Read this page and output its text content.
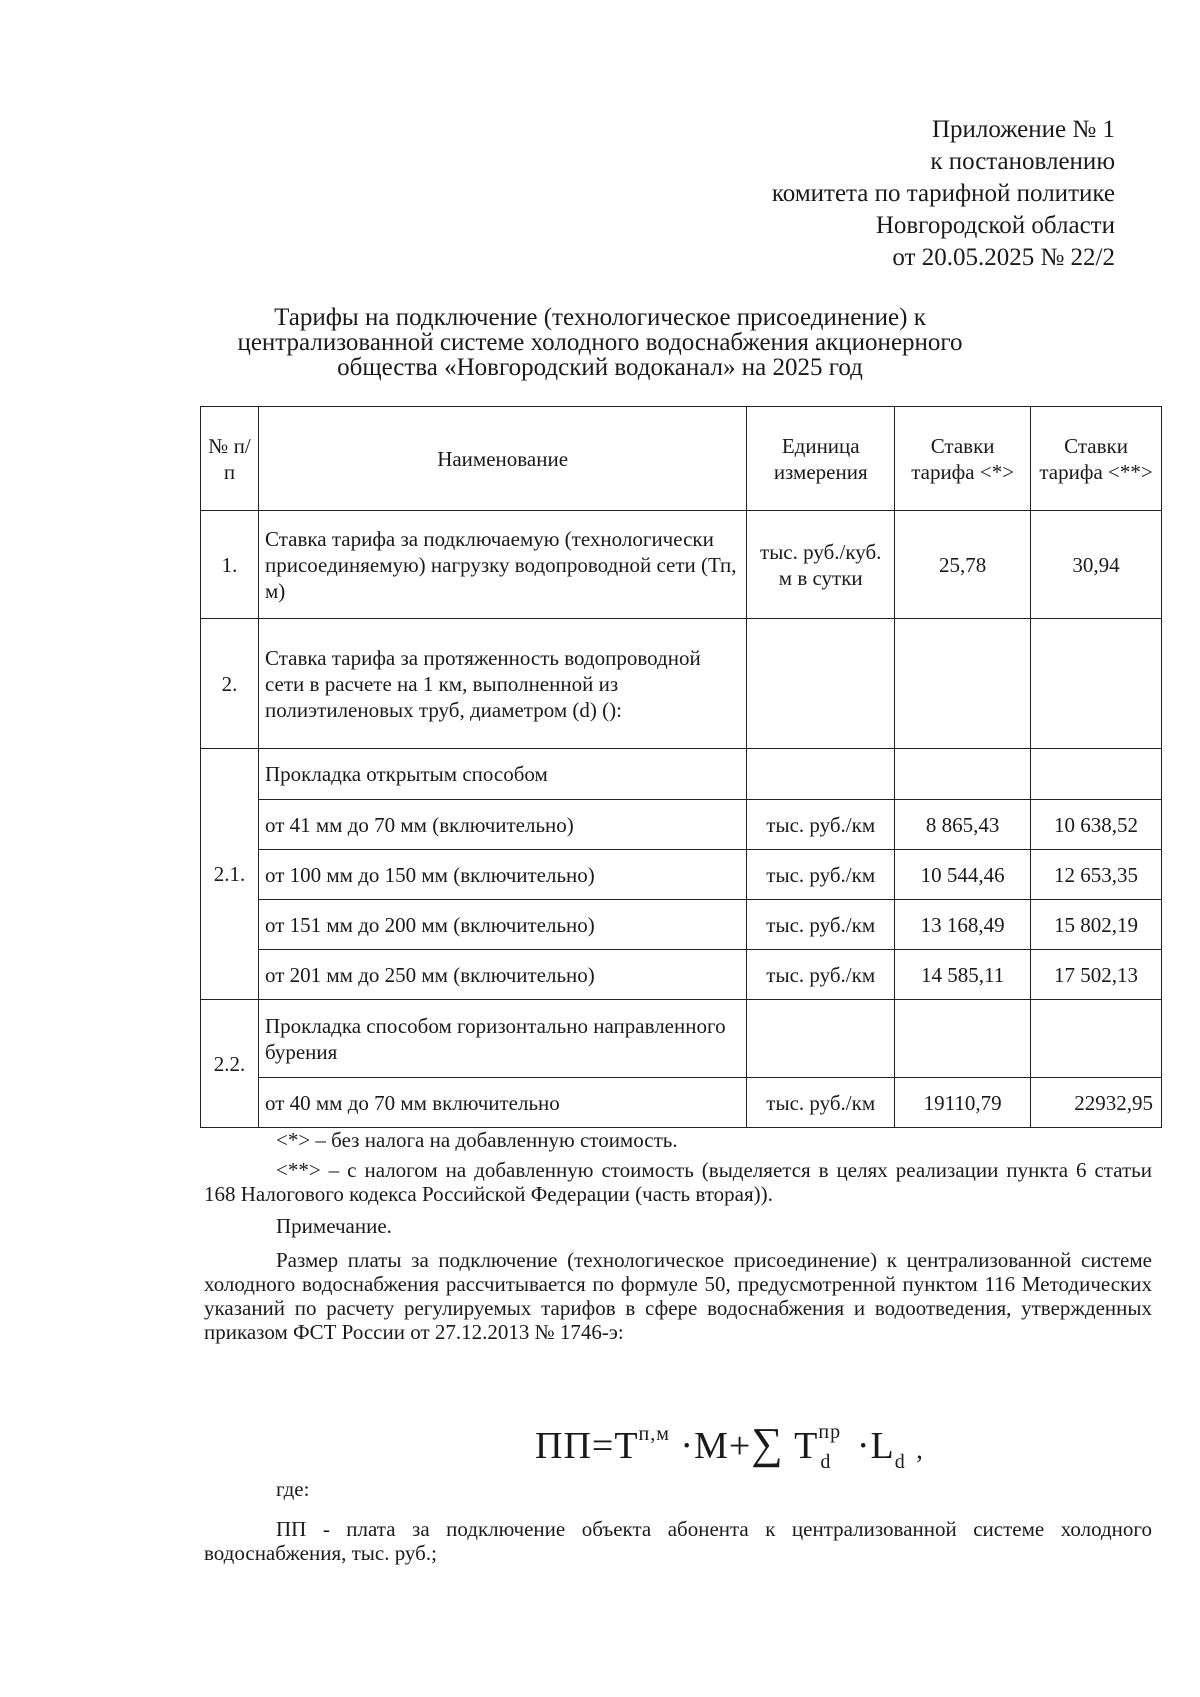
Приложение № 1
к постановлению
комитета по тарифной политике
Новгородской области
от 20.05.2025 № 22/2
Тарифы на подключение (технологическое присоединение) к
централизованной системе холодного водоснабжения акционерного
общества «Новгородский водоканал» на 2025 год
№ п/п	Наименование	Единица измерения	Ставки тарифа <*>	Ставки тарифа <**>
1.	Ставка тарифа за подключаемую (технологически присоединяемую) нагрузку водопроводной сети (Тп, м)	тыс. руб./куб. м в сутки	25,78	30,94
2.	Ставка тарифа за протяженность водопроводной сети в расчете на 1 км, выполненной из полиэтиленовых труб, диаметром (d) ():			
2.1.	Прокладка открытым способом			
	от 41 мм до 70 мм (включительно)	тыс. руб./км	8 865,43	10 638,52
	от 100 мм до 150 мм (включительно)	тыс. руб./км	10 544,46	12 653,35
	от 151 мм до 200 мм (включительно)	тыс. руб./км	13 168,49	15 802,19
	от 201 мм до 250 мм (включительно)	тыс. руб./км	14 585,11	17 502,13
2.2.	Прокладка способом горизонтально направленного бурения			
	от 40 мм до 70 мм включительно	тыс. руб./км	19110,79	22932,95

<*> – без налога на добавленную стоимость.

<**> – с налогом на добавленную стоимость (выделяется в целях реализации пункта 6 статьи 168 Налогового кодекса Российской Федерации (часть вторая)).

Примечание.

Размер платы за подключение (технологическое присоединение) к централизованной системе холодного водоснабжения рассчитывается по формуле 50, предусмотренной пунктом 116 Методических указаний по расчету регулируемых тарифов в сфере водоснабжения и водоотведения, утвержденных приказом ФСТ России от 27.12.2013 № 1746-э:

$ПП=Т^{п,м} \cdot М+\sum$ Т пр
$d \cdot L_d$ ,
где:
ПП - плата за подключение объекта абонента к централизованной системе холодного водоснабжения, тыс. руб.;
